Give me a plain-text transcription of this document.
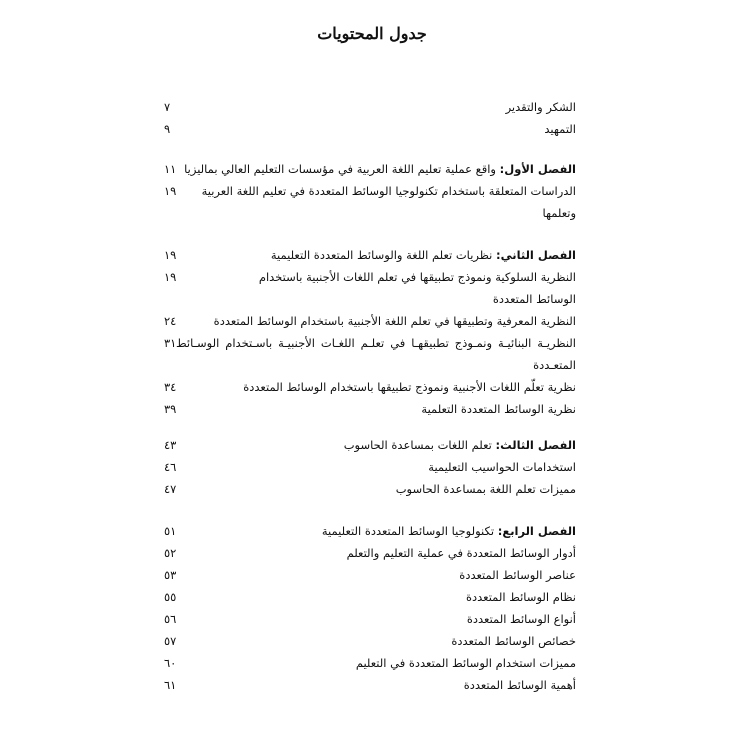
جدول المحتويات
الشكر والتقدير
٧
التمهيد
٩
الفصل الأول: واقع عملية تعليم اللغة العربية في مؤسسات التعليم العالي بماليزيا
١١
الدراسات المتعلقة باستخدام تكنولوجيا الوسائط المتعددة في تعليم اللغة العربية
وتعلمها
١٩
الفصل الثاني: نظريات تعلم اللغة والوسائط المتعددة التعليمية
١٩
النظرية السلوكية ونموذج تطبيقها في تعلم اللغات الأجنبية باستخدام
الوسائط المتعددة
١٩
النظرية المعرفية وتطبيقها في تعلم اللغة الأجنبية باستخدام الوسائط المتعددة
٢٤
النظريـة البنائيـة ونمـوذج تطبيقهـا في تعلـم اللغـات الأجنبيـة باسـتخدام الوسـائط
المتعـددة
٣١
نظرية تعلّم اللغات الأجنبية ونموذج تطبيقها باستخدام الوسائط المتعددة
٣٤
نظرية الوسائط المتعددة التعلمية
٣٩
الفصل الثالث: تعلم اللغات بمساعدة الحاسوب
٤٣
استخدامات الحواسيب التعليمية
٤٦
مميزات تعلم اللغة بمساعدة الحاسوب
٤٧
الفصل الرابع: تكنولوجيا الوسائط المتعددة التعليمية
٥١
أدوار الوسائط المتعددة في عملية التعليم والتعلم
٥٢
عناصر الوسائط المتعددة
٥٣
نظام الوسائط المتعددة
٥٥
أنواع الوسائط المتعددة
٥٦
خصائص الوسائط المتعددة
٥٧
مميزات استخدام الوسائط المتعددة في التعليم
٦٠
أهمية الوسائط المتعددة
٦١
